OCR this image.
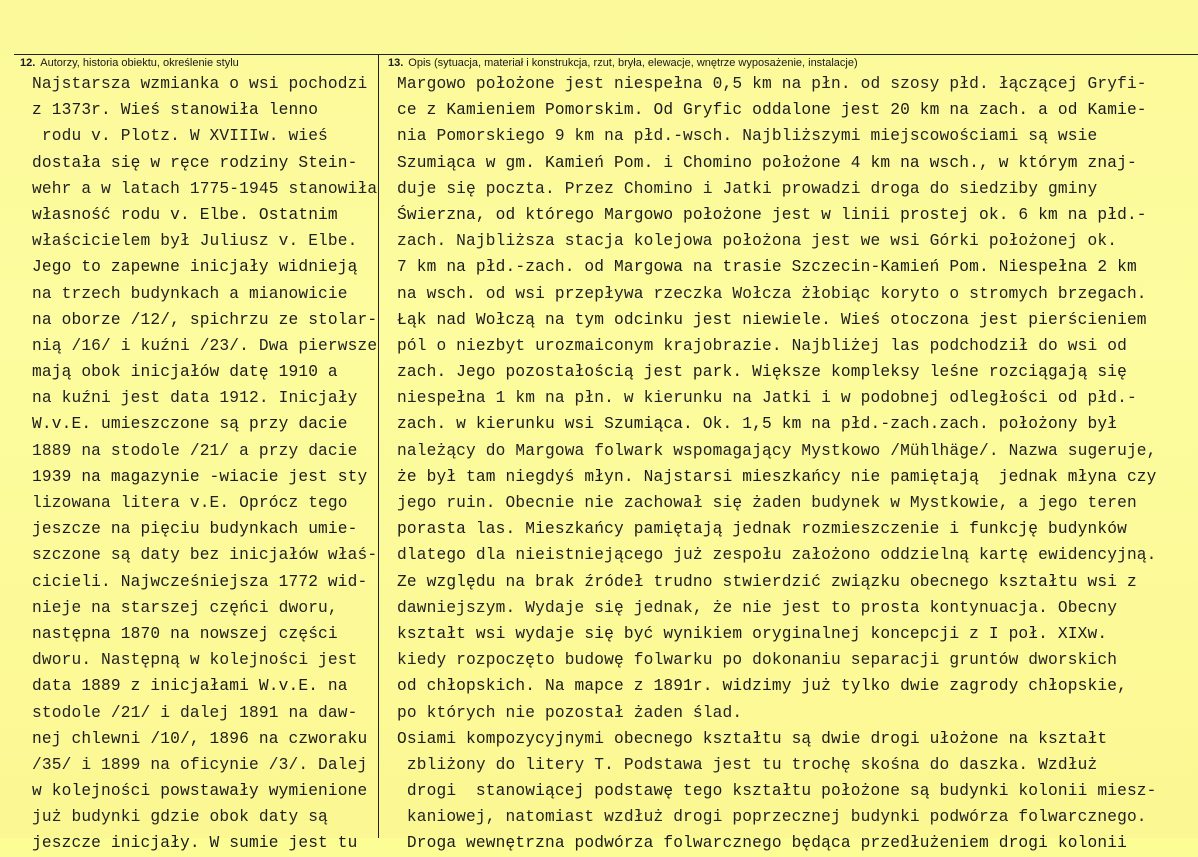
12. Autorzy, historia obiektu, określenie stylu	13. Opis (sytuacja, materiał i konstrukcja, rzut, bryła, elewacje, wnętrze wyposażenie, instalacje)
Najstarsza wzmianka o wsi pochodzi
z 1373r. Wieś stanowiła lenno
rodu v. Plotz. W XVIIIw. wieś
dostała się w ręce rodziny Stein-
wehr a w latach 1775-1945 stanowiła
własność rodu v. Elbe. Ostatnim
właścicielem był Juliusz v. Elbe.
Jego to zapewne inicjały widnieją
na trzech budynkach a mianowicie
na oborze /12/, spichrzu ze stolar-
nią /16/ i kuźni /23/. Dwa pierwsze
mają obok inicjałów datę 1910 a
na kuźni jest data 1912. Inicjały
W.v.E. umieszczone są przy dacie
1889 na stodole /21/ a przy dacie
1939 na magazynie -wiacie jest sty
lizowana litera v.E. Oprócz tego
jeszcze na pięciu budynkach umie-
szczone są daty bez inicjałów właś-
cicieli. Najwcześniejsza 1772 wid-
nieje na starszej częńci dworu,
następna 1870 na nowszej części
dworu. Następną w kolejności jest
data 1889 z inicjałami W.v.E. na
stodole /21/ i dalej 1891 na daw-
nej chlewni /10/, 1896 na czworaku
/35/ i 1899 na oficynie /3/. Dalej
w kolejności powstawały wymienione
już budynki gdzie obok daty są
jeszcze inicjały. W sumie jest tu
Margowo położone jest niespełna 0,5 km na płn. od szosy płd. łączącej Gryfi-
ce z Kamieniem Pomorskim. Od Gryfic oddalone jest 20 km na zach. a od Kamie-
nia Pomorskiego 9 km na płd.-wsch. Najbliższymi miejscowościami są wsie
Szumiąca w gm. Kamień Pom. i Chomino położone 4 km na wsch., w którym znaj-
duje się poczta. Przez Chomino i Jatki prowadzi droga do siedziby gminy
Świerzna, od którego Margowo położone jest w linii prostej ok. 6 km na płd.-
zach. Najbliższa stacja kolejowa położona jest we wsi Górki położonej ok.
7 km na płd.-zach. od Margowa na trasie Szczecin-Kamień Pom. Niespełna 2 km
na wsch. od wsi przepływa rzeczka Wołcza żłobiąc koryto o stromych brzegach.
Łąk nad Wołczą na tym odcinku jest niewiele. Wieś otoczona jest pierścieniem
pól o niezbyt urozmaiconym krajobrazie. Najbliżej las podchodził do wsi od
zach. Jego pozostałością jest park. Większe kompleksy leśne rozciągają się
niespełna 1 km na płn. w kierunku na Jatki i w podobnej odległości od płd.-
zach. w kierunku wsi Szumiąca. Ok. 1,5 km na płd.-zach.zach. położony był
należący do Margowa folwark wspomagający Mystkowo /Mühlhäge/. Nazwa sugeruje,
że był tam niegdyś młyn. Najstarsi mieszkańcy nie pamiętają  jednak młyna czy
jego ruin. Obecnie nie zachował się żaden budynek w Mystkowie, a jego teren
porasta las. Mieszkańcy pamiętają jednak rozmieszczenie i funkcję budynków
dlatego dla nieistniejącego już zespołu założono oddzielną kartę ewidencyjną.
Ze względu na brak źródeł trudno stwierdzić związku obecnego kształtu wsi z
dawniejszym. Wydaje się jednak, że nie jest to prosta kontynuacja. Obecny
kształt wsi wydaje się być wynikiem oryginalnej koncepcji z I poł. XIXw.
kiedy rozpoczęto budowę folwarku po dokonaniu separacji gruntów dworskich
od chłopskich. Na mapce z 1891r. widzimy już tylko dwie zagrody chłopskie,
po których nie pozostał żaden ślad.
Osiami kompozycyjnymi obecnego kształtu są dwie drogi ułożone na kształt
zbliżony do litery T. Podstawa jest tu trochę skośna do daszka. Wzdłuż
drogi  stanowiącej podstawę tego kształtu położone są budynki kolonii miesz-
kaniowej, natomiast wzdłuż drogi poprzecznej budynki podwórza folwarcznego.
Droga wewnętrzna podwórza folwarcznego będąca przedłużeniem drogi kolonii
